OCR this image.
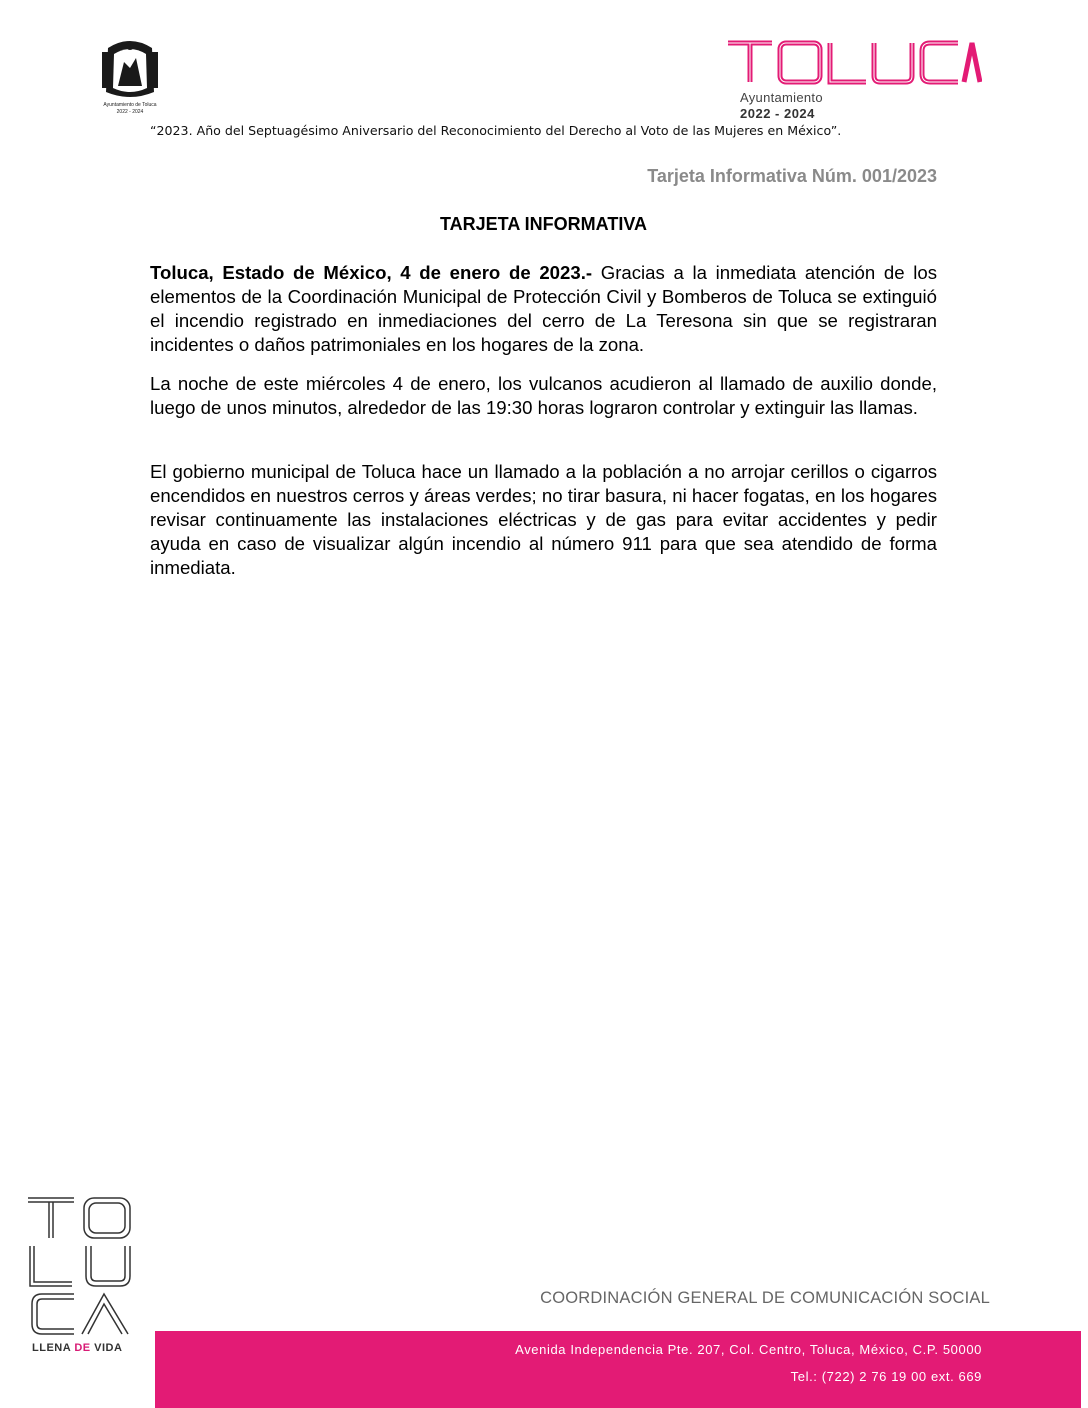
Ayuntamiento de Toluca
2022 - 2024
Ayuntamiento
2022 - 2024
“2023. Año del Septuagésimo Aniversario del Reconocimiento del Derecho al Voto de las Mujeres en México”.
Tarjeta Informativa Núm. 001/2023
TARJETA INFORMATIVA

Toluca, Estado de México, 4 de enero de 2023.- Gracias a la inmediata atención de los elementos de la Coordinación Municipal de Protección Civil y Bomberos de Toluca se extinguió el incendio registrado en inmediaciones del cerro de La Teresona sin que se registraran incidentes o daños patrimoniales en los hogares de la zona.

La noche de este miércoles 4 de enero, los vulcanos acudieron al llamado de auxilio donde, luego de unos minutos, alrededor de las 19:30 horas lograron controlar y extinguir las llamas.

El gobierno municipal de Toluca hace un llamado a la población a no arrojar cerillos o cigarros encendidos en nuestros cerros y áreas verdes; no tirar basura, ni hacer fogatas, en los hogares revisar continuamente las instalaciones eléctricas y de gas para evitar accidentes y pedir ayuda en caso de visualizar algún incendio al número 911 para que sea atendido de forma inmediata.

LLENA DE VIDA
COORDINACIÓN GENERAL DE COMUNICACIÓN SOCIAL
Avenida Independencia Pte. 207, Col. Centro, Toluca, México, C.P. 50000
Tel.: (722) 2 76 19 00 ext. 669
